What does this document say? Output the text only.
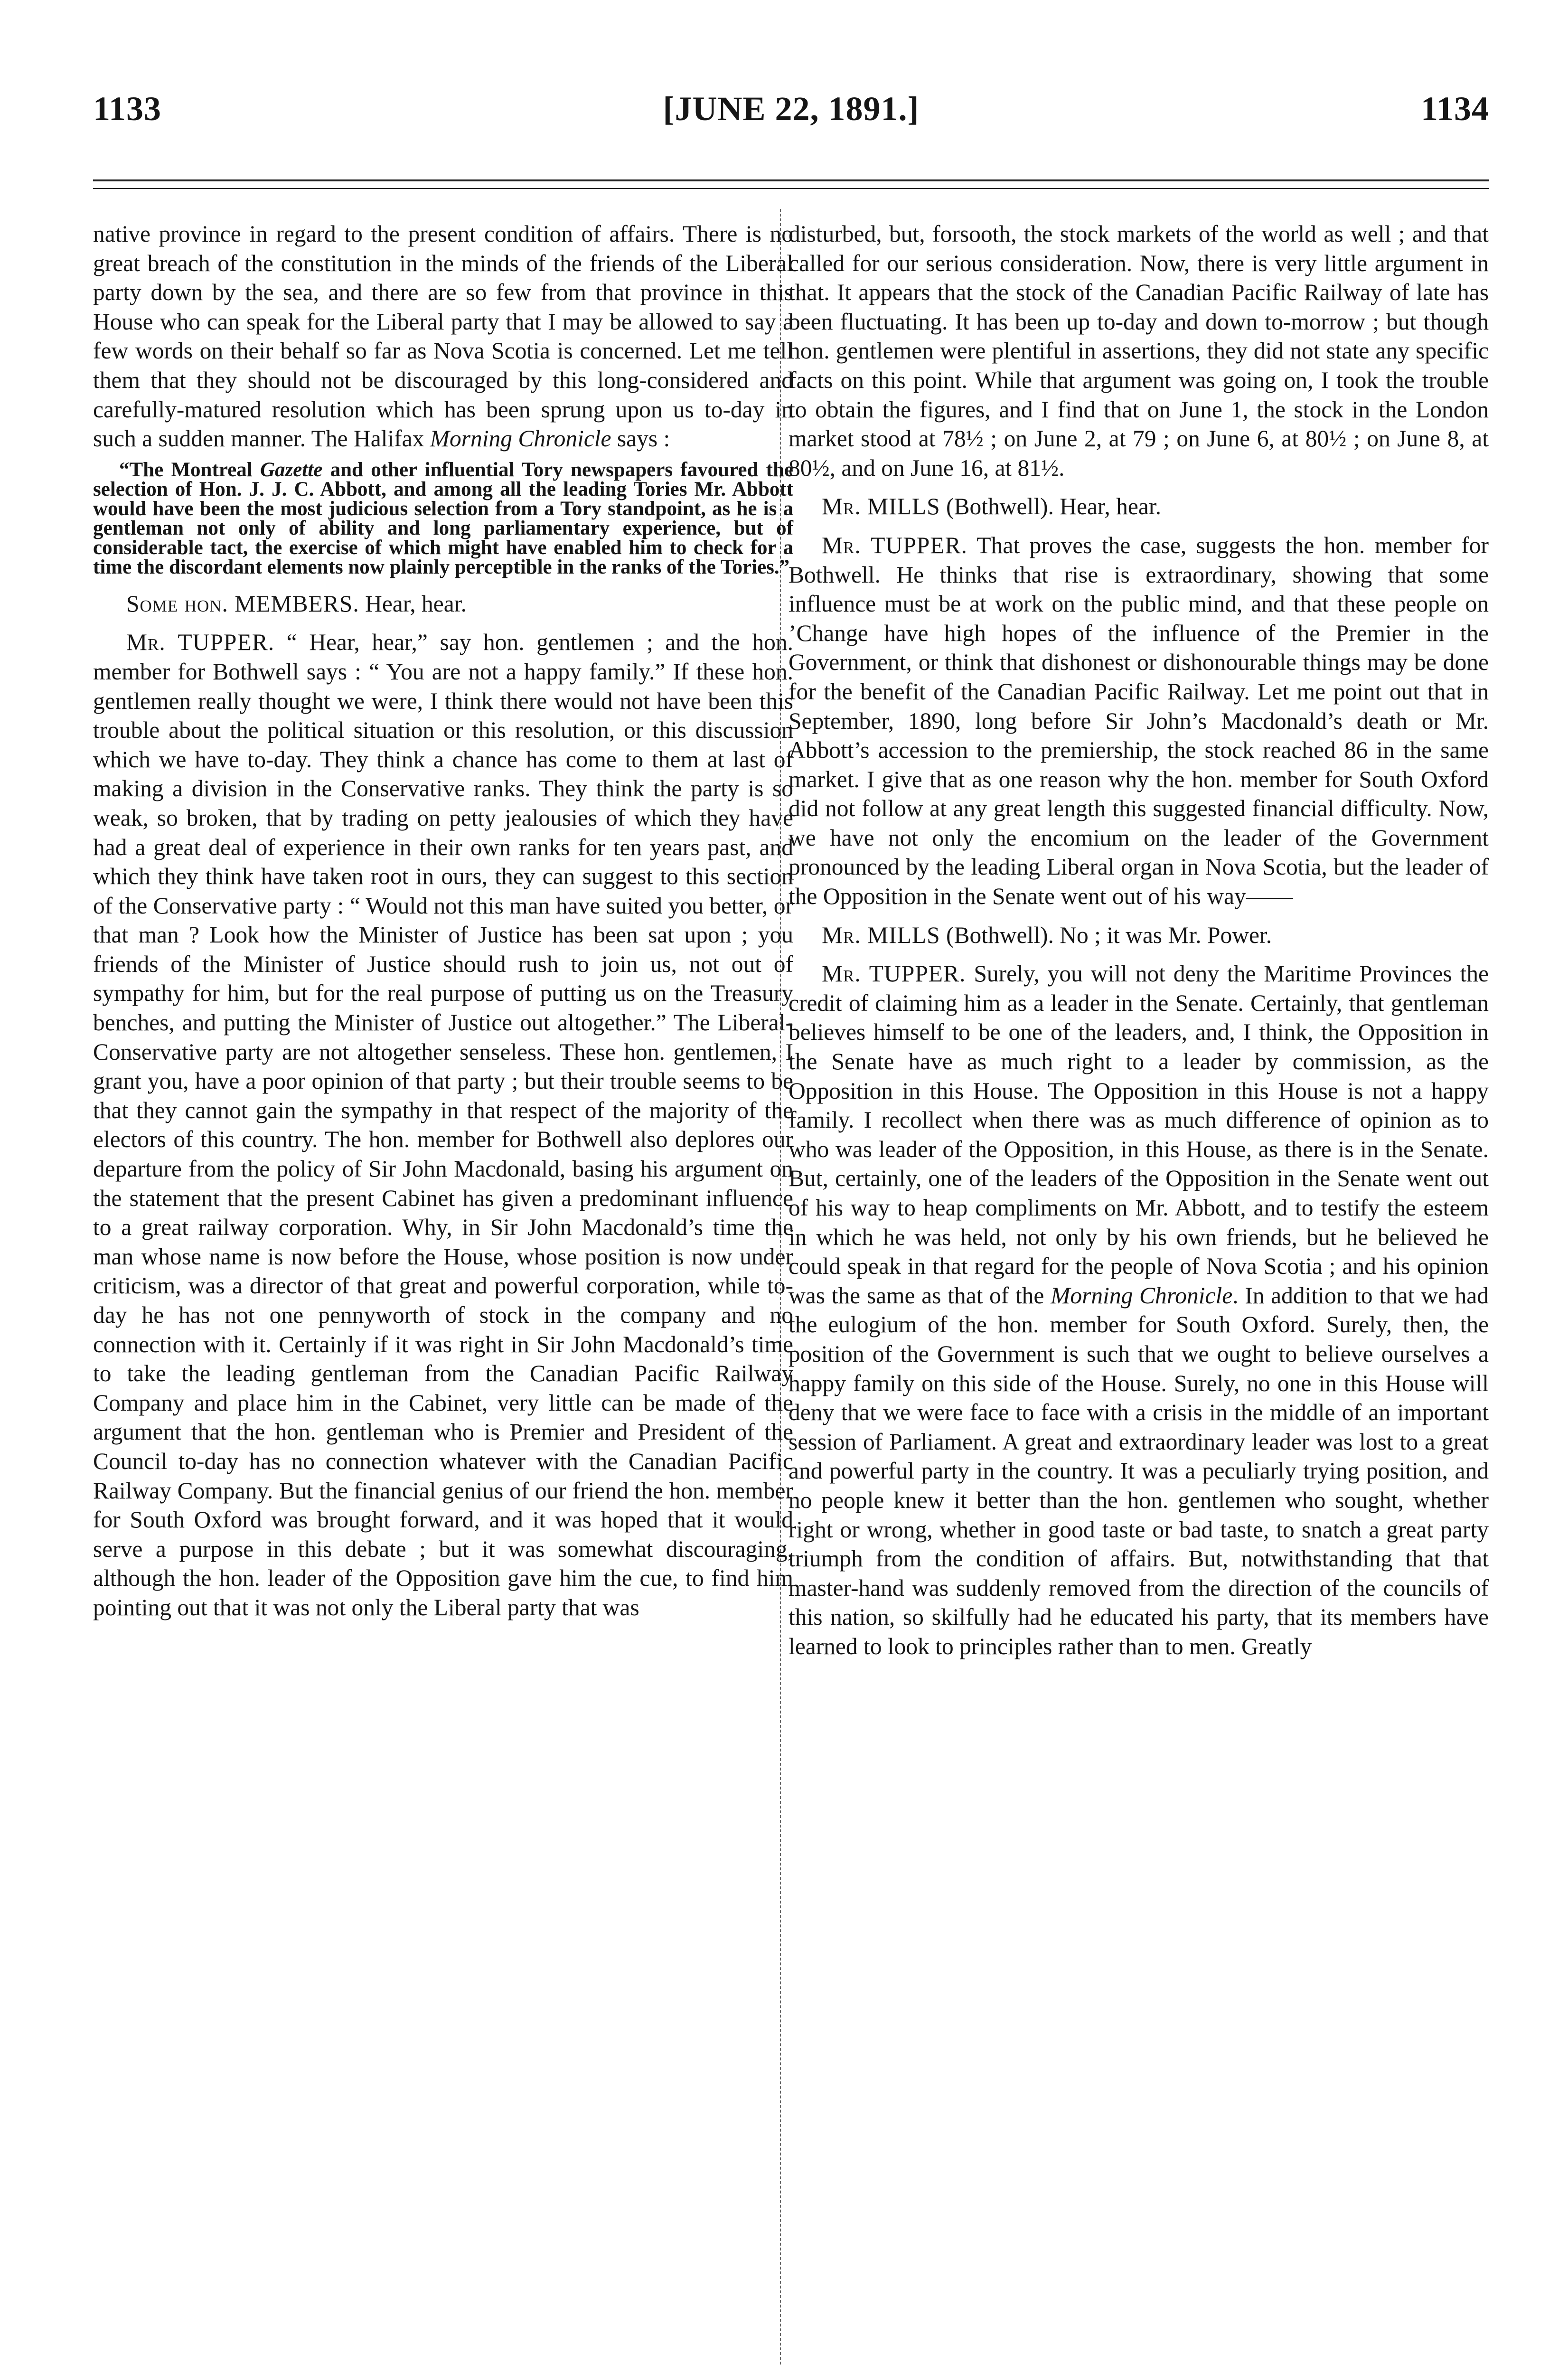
1133	[JUNE 22, 1891.]	1134

native province in regard to the present condition of affairs. There is no great breach of the constitution in the minds of the friends of the Liberal party down by the sea, and there are so few from that province in this House who can speak for the Liberal party that I may be allowed to say a few words on their behalf so far as Nova Scotia is concerned. Let me tell them that they should not be discouraged by this long-considered and carefully-matured resolution which has been sprung upon us to-day in such a sudden manner. The Halifax Morning Chronicle says :

“The Montreal Gazette and other influential Tory newspapers favoured the selection of Hon. J. J. C. Abbott, and among all the leading Tories Mr. Abbott would have been the most judicious selection from a Tory standpoint, as he is a gentleman not only of ability and long parliamentary experience, but of considerable tact, the exercise of which might have enabled him to check for a time the discordant elements now plainly perceptible in the ranks of the Tories.”

Some hon. MEMBERS. Hear, hear.

Mr. TUPPER. “ Hear, hear,” say hon. gentlemen ; and the hon. member for Bothwell says : “ You are not a happy family.” If these hon. gentlemen really thought we were, I think there would not have been this trouble about the political situation or this resolution, or this discussion which we have to-day. They think a chance has come to them at last of making a division in the Conservative ranks. They think the party is so weak, so broken, that by trading on petty jealousies of which they have had a great deal of experience in their own ranks for ten years past, and which they think have taken root in ours, they can suggest to this section of the Conservative party : “ Would not this man have suited you better, or that man ? Look how the Minister of Justice has been sat upon ; you friends of the Minister of Justice should rush to join us, not out of sympathy for him, but for the real purpose of putting us on the Treasury benches, and putting the Minister of Justice out altogether.” The Liberal-Conservative party are not altogether senseless. These hon. gentlemen, I grant you, have a poor opinion of that party ; but their trouble seems to be that they cannot gain the sympathy in that respect of the majority of the electors of this country. The hon. member for Bothwell also deplores our departure from the policy of Sir John Macdonald, basing his argument on the statement that the present Cabinet has given a predominant influence to a great railway corporation. Why, in Sir John Macdonald’s time the man whose name is now before the House, whose position is now under criticism, was a director of that great and powerful corporation, while to-day he has not one pennyworth of stock in the company and no connection with it. Certainly if it was right in Sir John Macdonald’s time to take the leading gentleman from the Canadian Pacific Railway Company and place him in the Cabinet, very little can be made of the argument that the hon. gentleman who is Premier and President of the Council to-day has no connection whatever with the Canadian Pacific Railway Company. But the financial genius of our friend the hon. member for South Oxford was brought forward, and it was hoped that it would serve a purpose in this debate ; but it was somewhat discouraging, although the hon. leader of the Opposition gave him the cue, to find him pointing out that it was not only the Liberal party that was

disturbed, but, forsooth, the stock markets of the world as well ; and that called for our serious consideration. Now, there is very little argument in that. It appears that the stock of the Canadian Pacific Railway of late has been fluctuating. It has been up to-day and down to-morrow ; but though hon. gentlemen were plentiful in assertions, they did not state any specific facts on this point. While that argument was going on, I took the trouble to obtain the figures, and I find that on June 1, the stock in the London market stood at 78½ ; on June 2, at 79 ; on June 6, at 80½ ; on June 8, at 80½, and on June 16, at 81½.

Mr. MILLS (Bothwell). Hear, hear.

Mr. TUPPER. That proves the case, suggests the hon. member for Bothwell. He thinks that rise is extraordinary, showing that some influence must be at work on the public mind, and that these people on ’Change have high hopes of the influence of the Premier in the Government, or think that dishonest or dishonourable things may be done for the benefit of the Canadian Pacific Railway. Let me point out that in September, 1890, long before Sir John’s Macdonald’s death or Mr. Abbott’s accession to the premiership, the stock reached 86 in the same market. I give that as one reason why the hon. member for South Oxford did not follow at any great length this suggested financial difficulty. Now, we have not only the encomium on the leader of the Government pronounced by the leading Liberal organ in Nova Scotia, but the leader of the Opposition in the Senate went out of his way——

Mr. MILLS (Bothwell). No ; it was Mr. Power.

Mr. TUPPER. Surely, you will not deny the Maritime Provinces the credit of claiming him as a leader in the Senate. Certainly, that gentleman believes himself to be one of the leaders, and, I think, the Opposition in the Senate have as much right to a leader by commission, as the Opposition in this House. The Opposition in this House is not a happy family. I recollect when there was as much difference of opinion as to who was leader of the Opposition, in this House, as there is in the Senate. But, certainly, one of the leaders of the Opposition in the Senate went out of his way to heap compliments on Mr. Abbott, and to testify the esteem in which he was held, not only by his own friends, but he believed he could speak in that regard for the people of Nova Scotia ; and his opinion was the same as that of the Morning Chronicle. In addition to that we had the eulogium of the hon. member for South Oxford. Surely, then, the position of the Government is such that we ought to believe ourselves a happy family on this side of the House. Surely, no one in this House will deny that we were face to face with a crisis in the middle of an important session of Parliament. A great and extraordinary leader was lost to a great and powerful party in the country. It was a peculiarly trying position, and no people knew it better than the hon. gentlemen who sought, whether right or wrong, whether in good taste or bad taste, to snatch a great party triumph from the condition of affairs. But, notwithstanding that that master-hand was suddenly removed from the direction of the councils of this nation, so skilfully had he educated his party, that its members have learned to look to principles rather than to men. Greatly
